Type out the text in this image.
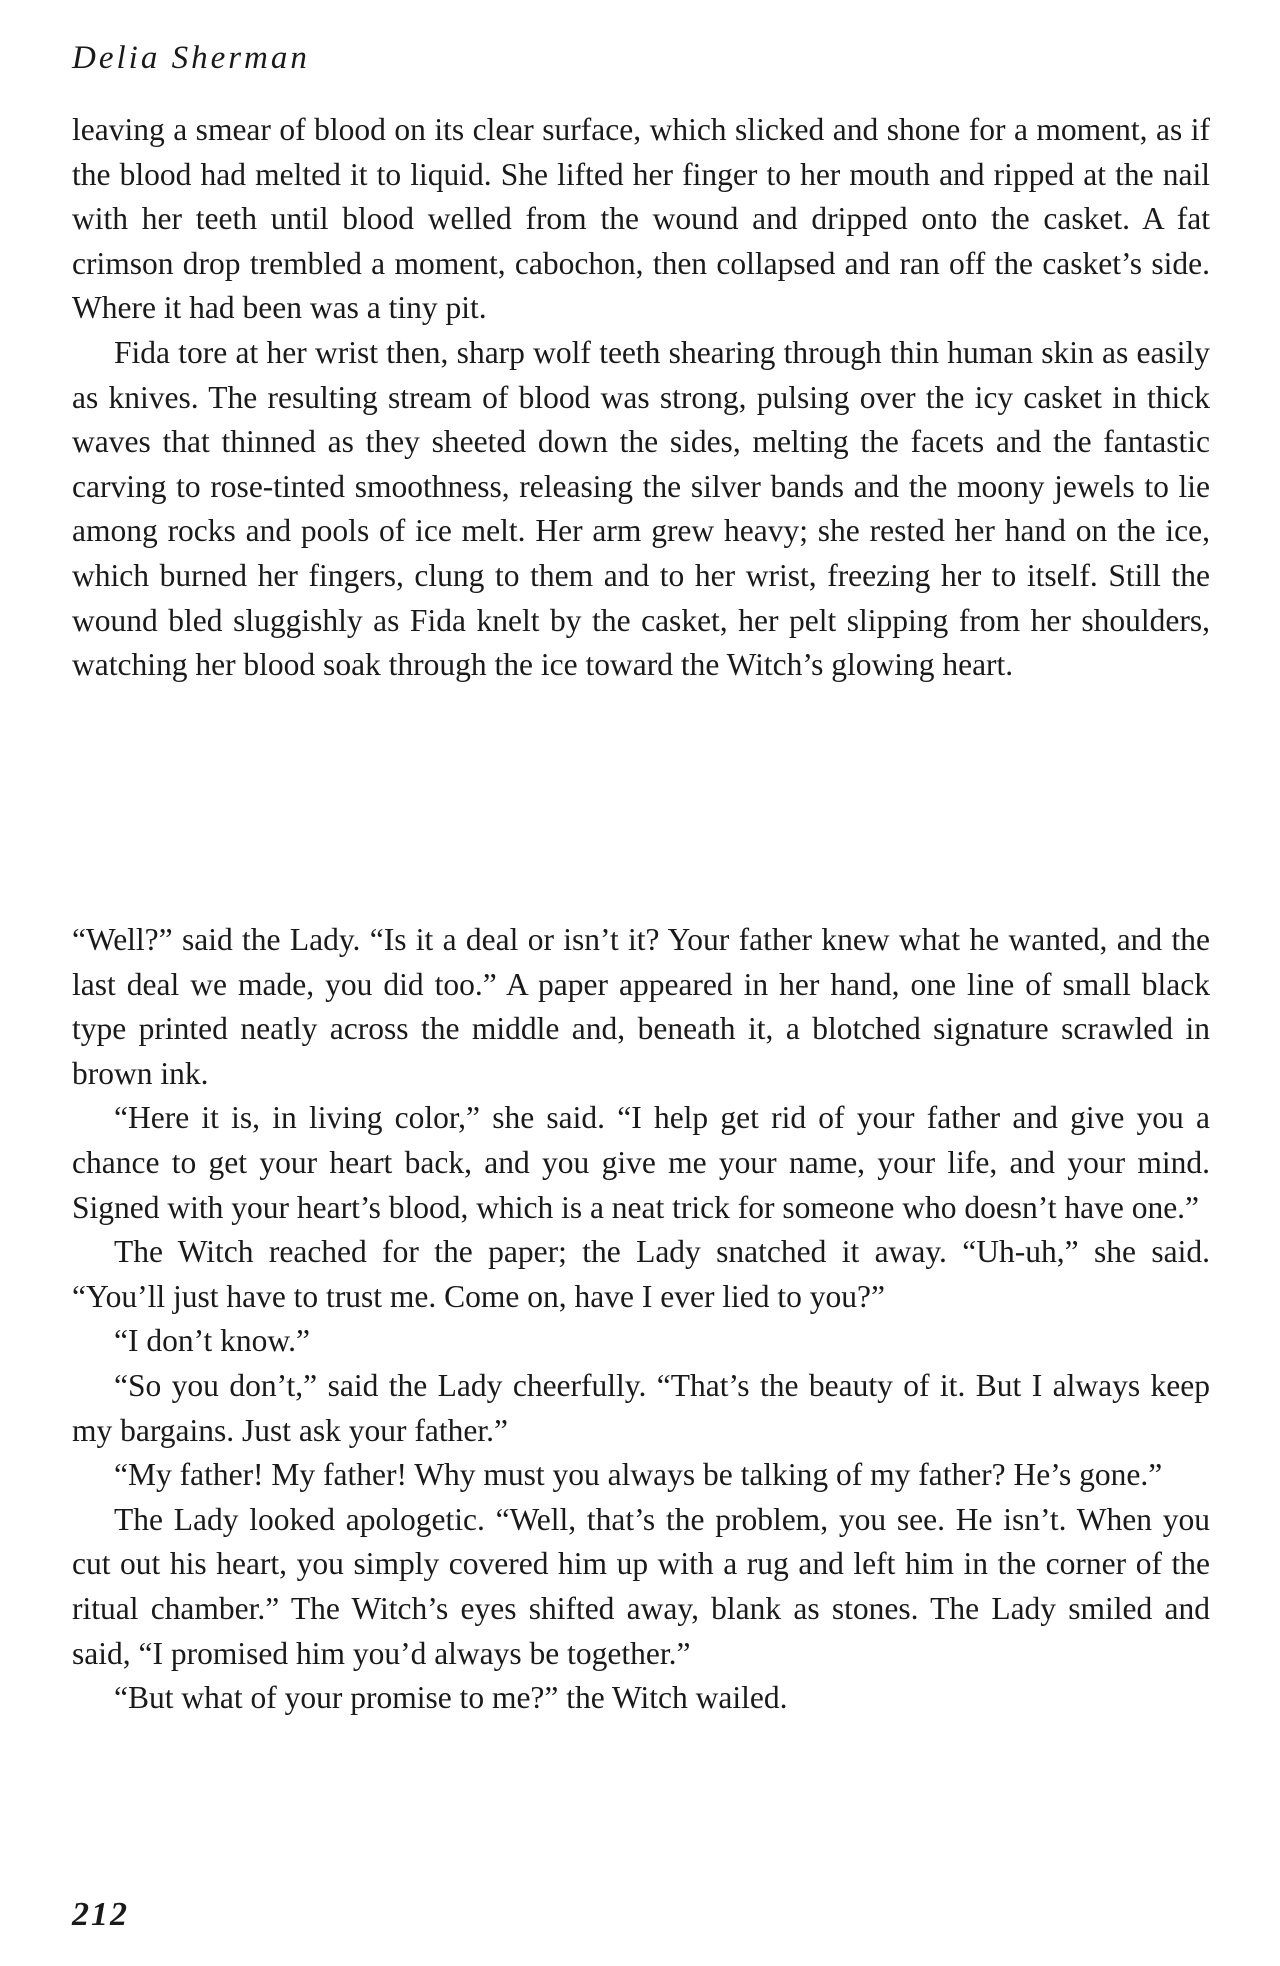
Delia Sherman

leaving a smear of blood on its clear surface, which slicked and shone for a moment, as if the blood had melted it to liquid. She lifted her finger to her mouth and ripped at the nail with her teeth until blood welled from the wound and dripped onto the casket. A fat crimson drop trembled a moment, cabochon, then collapsed and ran off the casket’s side. Where it had been was a tiny pit.

Fida tore at her wrist then, sharp wolf teeth shearing through thin human skin as easily as knives. The resulting stream of blood was strong, pulsing over the icy casket in thick waves that thinned as they sheeted down the sides, melting the facets and the fantastic carving to rose-tinted smoothness, releasing the silver bands and the moony jewels to lie among rocks and pools of ice melt. Her arm grew heavy; she rested her hand on the ice, which burned her fingers, clung to them and to her wrist, freezing her to itself. Still the wound bled sluggishly as Fida knelt by the casket, her pelt slipping from her shoulders, watching her blood soak through the ice toward the Witch’s glowing heart.

“Well?” said the Lady. “Is it a deal or isn’t it? Your father knew what he wanted, and the last deal we made, you did too.” A paper appeared in her hand, one line of small black type printed neatly across the middle and, beneath it, a blotched signature scrawled in brown ink.

“Here it is, in living color,” she said. “I help get rid of your father and give you a chance to get your heart back, and you give me your name, your life, and your mind. Signed with your heart’s blood, which is a neat trick for someone who doesn’t have one.”

The Witch reached for the paper; the Lady snatched it away. “Uh-uh,” she said. “You’ll just have to trust me. Come on, have I ever lied to you?”

“I don’t know.”

“So you don’t,” said the Lady cheerfully. “That’s the beauty of it. But I always keep my bargains. Just ask your father.”

“My father! My father! Why must you always be talking of my father? He’s gone.”

The Lady looked apologetic. “Well, that’s the problem, you see. He isn’t. When you cut out his heart, you simply covered him up with a rug and left him in the corner of the ritual chamber.” The Witch’s eyes shifted away, blank as stones. The Lady smiled and said, “I promised him you’d always be together.”

“But what of your promise to me?” the Witch wailed.

212
